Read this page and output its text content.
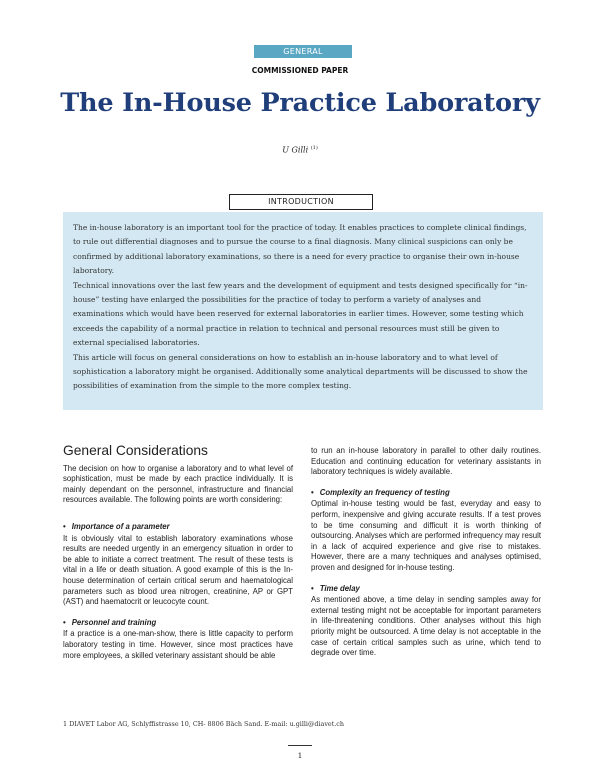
GENERAL
COMMISSIONED PAPER
The In-House Practice Laboratory
U Gilli $^{(1)}$
INTRODUCTION

The in-house laboratory is an important tool for the practice of today. It enables practices to complete clinical findings, to rule out differential diagnoses and to pursue the course to a final diagnosis. Many clinical suspicions can only be confirmed by additional laboratory examinations, so there is a need for every practice to organise their own in-house laboratory.

Technical innovations over the last few years and the development of equipment and tests designed specifically for “in-house” testing have enlarged the possibilities for the practice of today to perform a variety of analyses and examinations which would have been reserved for external laboratories in earlier times. However, some testing which exceeds the capability of a normal practice in relation to technical and personal resources must still be given to external specialised laboratories.

This article will focus on general considerations on how to establish an in-house laboratory and to what level of sophistication a laboratory might be organised. Additionally some analytical departments will be discussed to show the possibilities of examination from the simple to the more complex testing.

General Considerations

The decision on how to organise a laboratory and to what level of sophistication, must be made by each practice individually. It is mainly dependant on the personnel, infrastructure and financial resources available. The following points are worth considering:

• Importance of a parameter

It is obviously vital to establish laboratory examinations whose results are needed urgently in an emergency situation in order to be able to initiate a correct treatment. The result of these tests is vital in a life or death situation. A good example of this is the In-house determination of certain critical serum and haematological parameters such as blood urea nitrogen, creatinine, AP or GPT (AST) and haematocrit or leucocyte count.

• Personnel and training

If a practice is a one-man-show, there is little capacity to perform laboratory testing in time. However, since most practices have more employees, a skilled veterinary assistant should be able

to run an in-house laboratory in parallel to other daily routines. Education and continuing education for veterinary assistants in laboratory techniques is widely available.

• Complexity an frequency of testing

Optimal in-house testing would be fast, everyday and easy to perform, inexpensive and giving accurate results. If a test proves to be time consuming and difficult it is worth thinking of outsourcing. Analyses which are performed infrequency may result in a lack of acquired experience and give rise to mistakes. However, there are a many techniques and analyses optimised, proven and designed for in-house testing.

• Time delay

As mentioned above, a time delay in sending samples away for external testing might not be acceptable for important parameters in life-threatening conditions. Other analyses without this high priority might be outsourced. A time delay is not acceptable in the case of certain critical samples such as urine, which tend to degrade over time.

1 DIAVET Labor AG, Schlyffistrasse 10, CH- 8806 Bäch Sand. E-mail: u.gilli@diavet.ch
1
